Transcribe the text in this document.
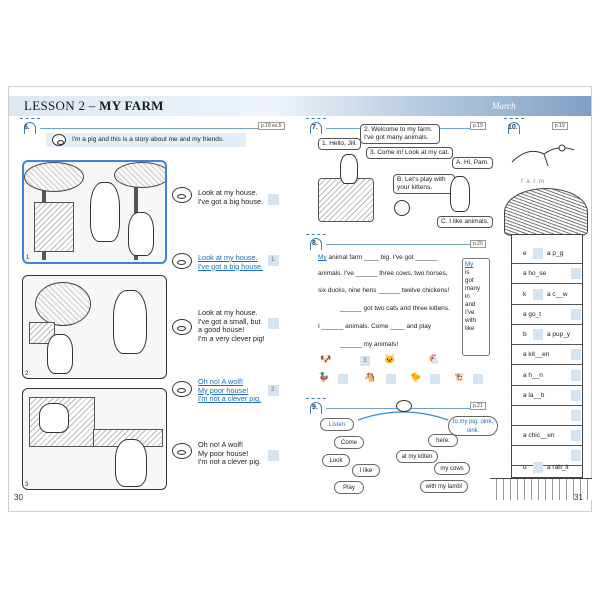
LESSON 2 – MY FARM	March
6.	p.18 ex.5
I'm a pig and this is a story about me and my friends.
1
Look at my house.
I've got a big house.
Look at my house.
I've got a big house.
1.
2
Look at my house.
I've got a small, but
a good house!
I'm a very clever pig!
Oh no! A wolf!
My poor house!
I'm not a clever pig.
2.
3
Oh no! A wolf!
My poor house!
I'm not a clever pig.
30
7.	p.19
1. Hello, Jill.
2. Welcome to my farm. I've got many animals.
3. Come in! Look at my cat.
A. Hi, Pam.
B. Let's play with your kittens.
C. I like animals.
8.	p.20
My animal farm ____ big. I've got ______
animals. I've ______ three cows, two horses,
six ducks, nine hens ______ twelve chickens!
______ got two cats and three kittens.
I ______ animals. Come ____ and play
______ my animals!
My
is
got
many
in
and
I've
with
like
3
🐶	🐱	🐔
🦆	🐴	🐤	🐮
9.	p.21
Listen	to my pig: oink, oink.
Come	here.
Look
at my kitten
I like	my cows
Play	with my lamb!
10.	p.19
f a r m
e	a p_g
a ho_se
k	a c__w
a go_t
b	a pup_y
a kit__en
a h__n
a la__b
a chic__en
u	a rab_it
31
